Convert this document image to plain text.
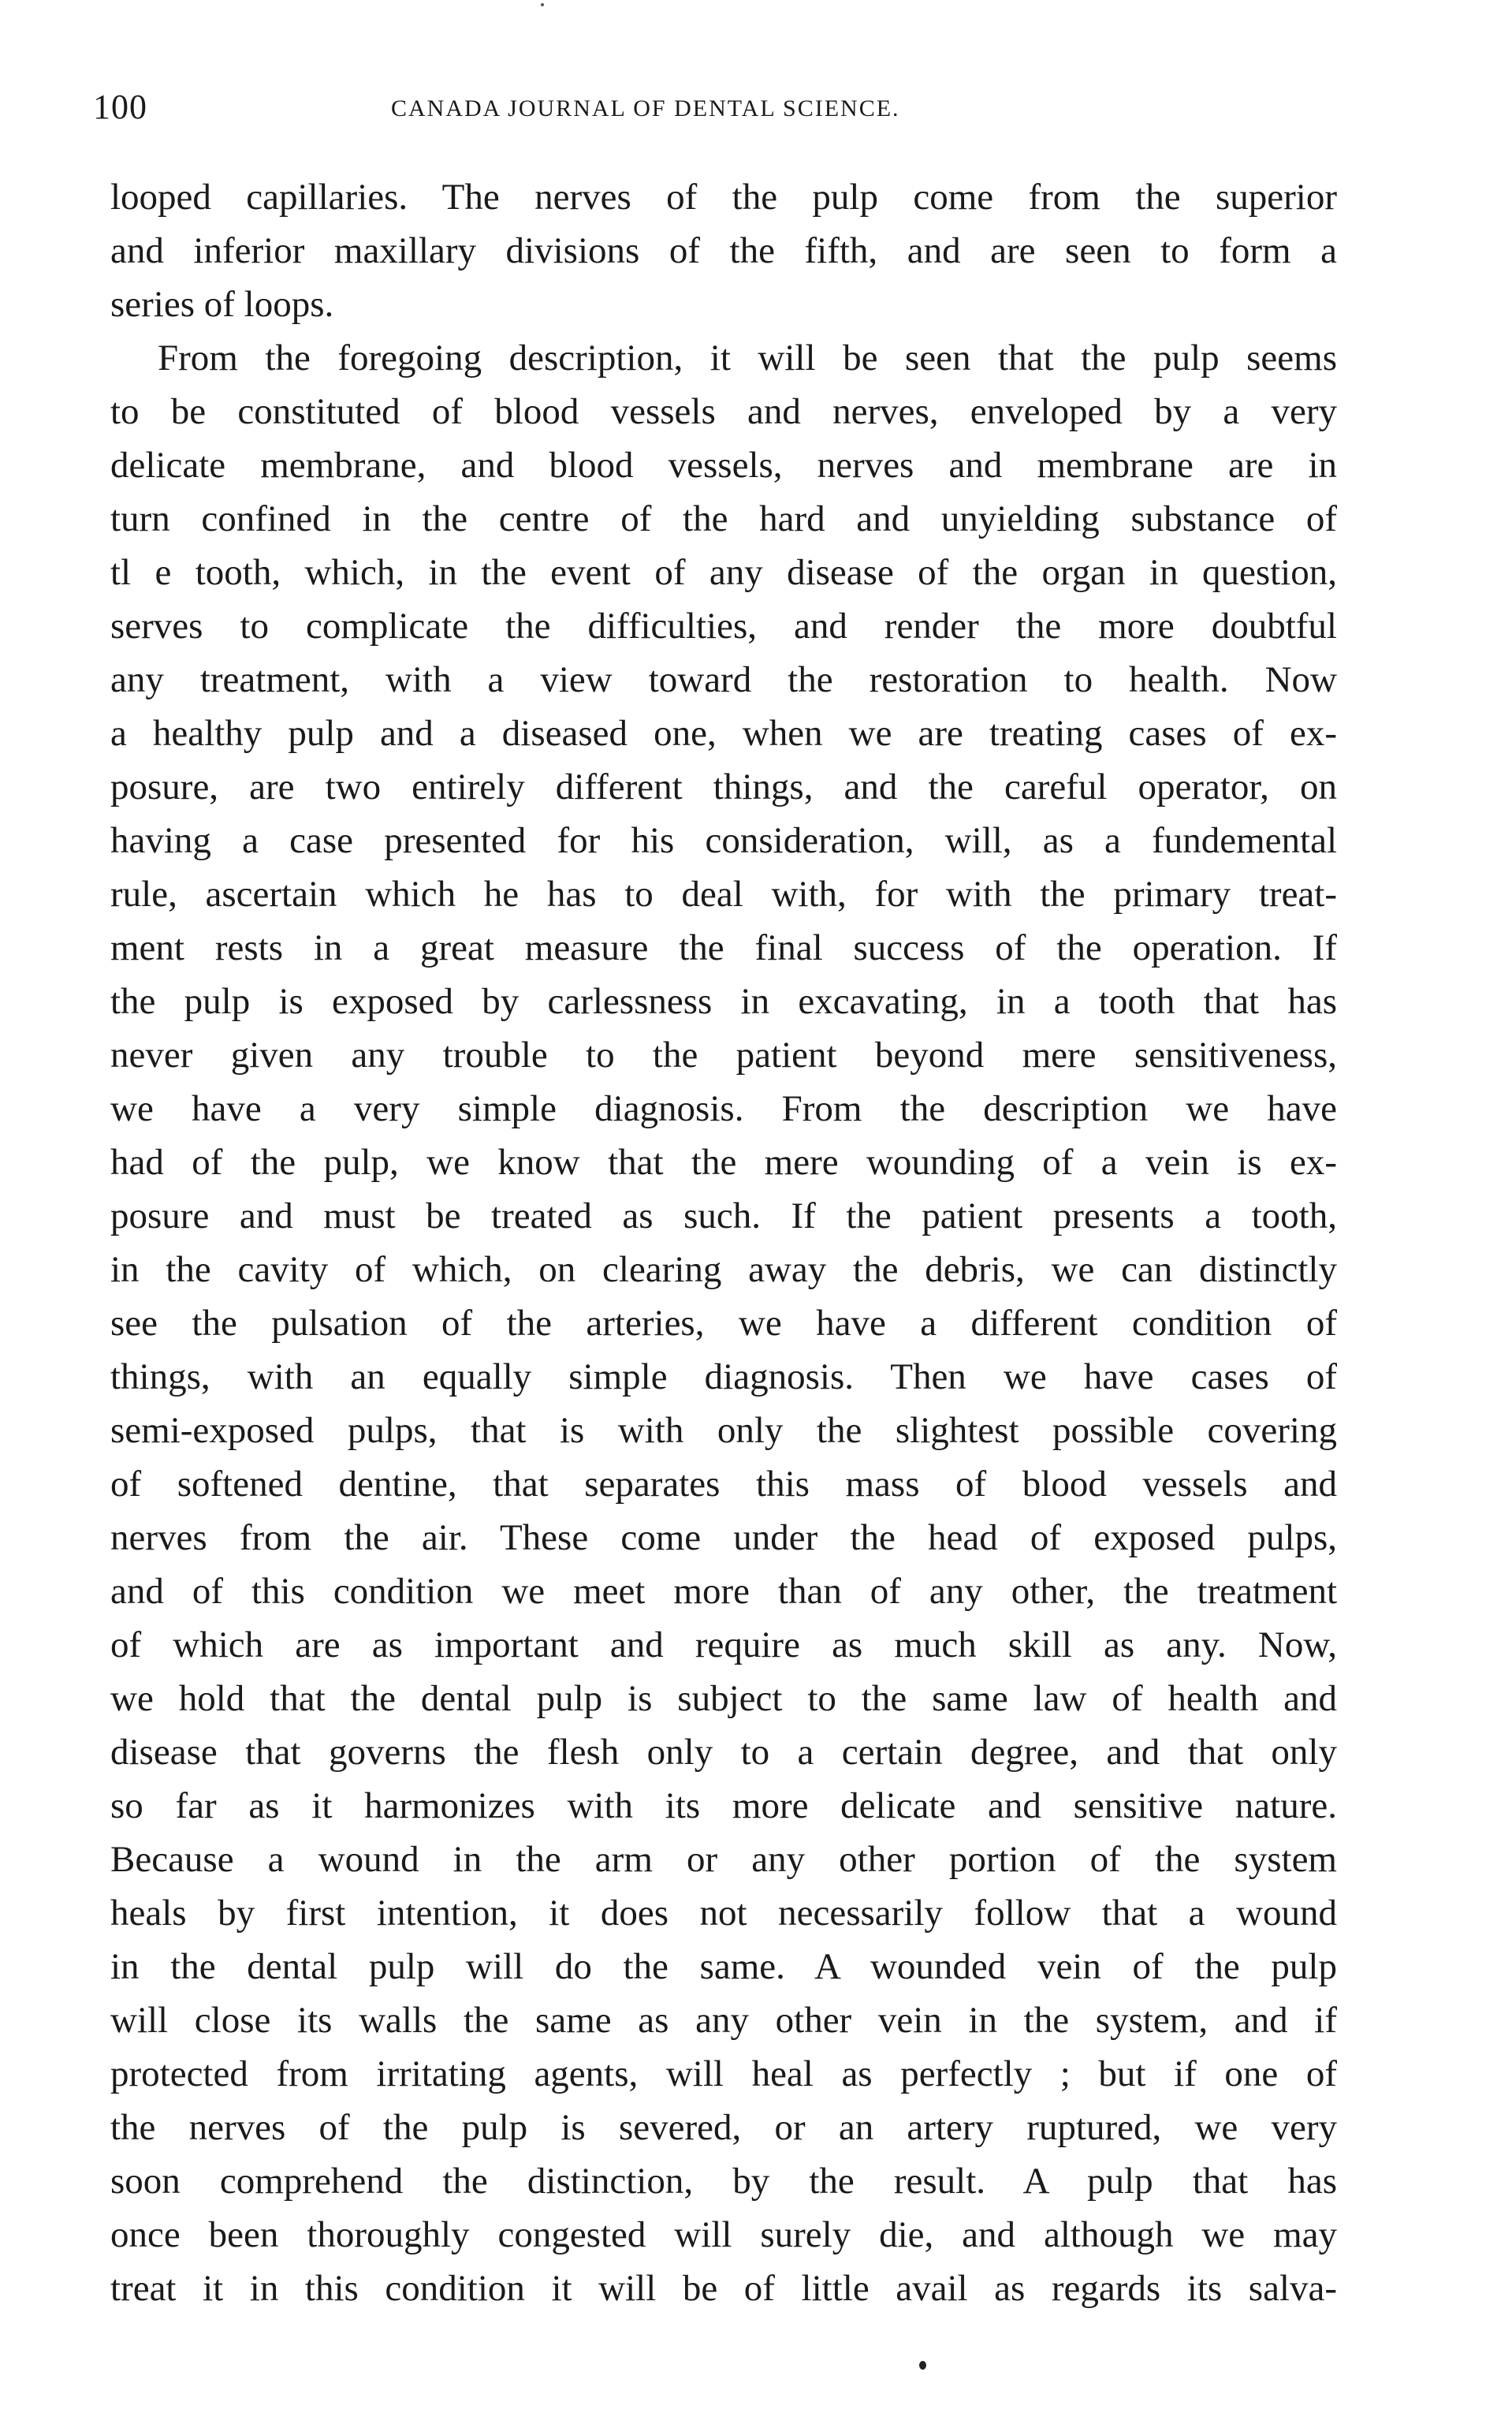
100	CANADA JOURNAL OF DENTAL SCIENCE.

looped capillaries. The nerves of the pulp come from the superior
and inferior maxillary divisions of the fifth, and are seen to form a
series of loops.

From the foregoing description, it will be seen that the pulp seems
to be constituted of blood vessels and nerves, enveloped by a very
delicate membrane, and blood vessels, nerves and membrane are in
turn confined in the centre of the hard and unyielding substance of
tl e tooth, which, in the event of any disease of the organ in question,
serves to complicate the difficulties, and render the more doubtful
any treatment, with a view toward the restoration to health. Now
a healthy pulp and a diseased one, when we are treating cases of ex-
posure, are two entirely different things, and the careful operator, on
having a case presented for his consideration, will, as a fundemental
rule, ascertain which he has to deal with, for with the primary treat-
ment rests in a great measure the final success of the operation. If
the pulp is exposed by carlessness in excavating, in a tooth that has
never given any trouble to the patient beyond mere sensitiveness,
we have a very simple diagnosis. From the description we have
had of the pulp, we know that the mere wounding of a vein is ex-
posure and must be treated as such. If the patient presents a tooth,
in the cavity of which, on clearing away the debris, we can distinctly
see the pulsation of the arteries, we have a different condition of
things, with an equally simple diagnosis. Then we have cases of
semi-exposed pulps, that is with only the slightest possible covering
of softened dentine, that separates this mass of blood vessels and
nerves from the air. These come under the head of exposed pulps,
and of this condition we meet more than of any other, the treatment
of which are as important and require as much skill as any. Now,
we hold that the dental pulp is subject to the same law of health and
disease that governs the flesh only to a certain degree, and that only
so far as it harmonizes with its more delicate and sensitive nature.
Because a wound in the arm or any other portion of the system
heals by first intention, it does not necessarily follow that a wound
in the dental pulp will do the same. A wounded vein of the pulp
will close its walls the same as any other vein in the system, and if
protected from irritating agents, will heal as perfectly ; but if one of
the nerves of the pulp is severed, or an artery ruptured, we very
soon comprehend the distinction, by the result. A pulp that has
once been thoroughly congested will surely die, and although we may
treat it in this condition it will be of little avail as regards its salva-
